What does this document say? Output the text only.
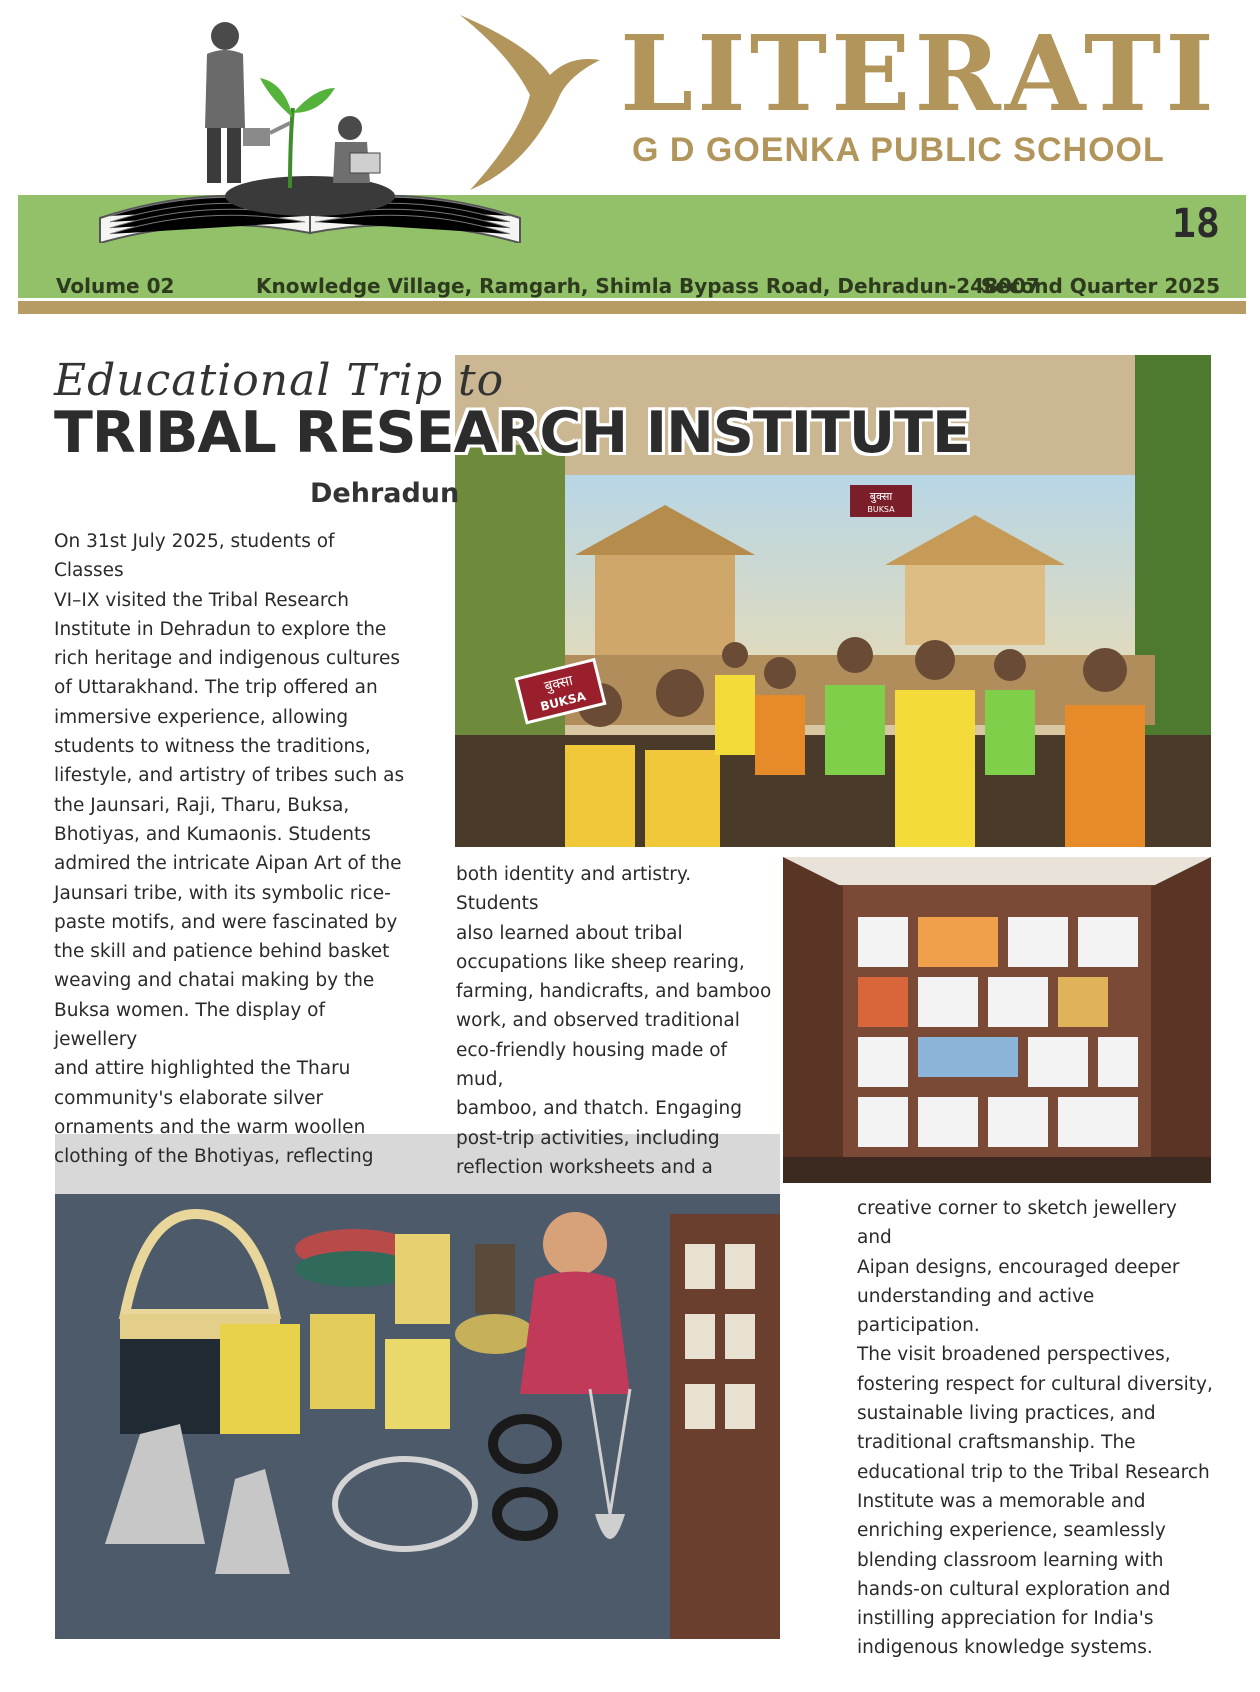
18
Volume 02	Knowledge Village, Ramgarh, Shimla Bypass Road, Dehradun-248007
Second Quarter 2025
LITERATI
G D GOENKA PUBLIC SCHOOL
Educational Trip to
TRIBAL RESEARCH INSTITUTE
Dehradun	बुक्सा
BUKSA
बुक्सा
BUKSA
On 31st July 2025, students of Classes
VI–IX visited the Tribal Research
Institute in Dehradun to explore the
rich heritage and indigenous cultures
of Uttarakhand. The trip offered an
immersive experience, allowing
students to witness the traditions,
lifestyle, and artistry of tribes such as
the Jaunsari, Raji, Tharu, Buksa,
Bhotiyas, and Kumaonis. Students
admired the intricate Aipan Art of the
Jaunsari tribe, with its symbolic rice-
paste motifs, and were fascinated by
the skill and patience behind basket
weaving and chatai making by the
Buksa women. The display of jewellery
and attire highlighted the Tharu
community's elaborate silver
ornaments and the warm woollen
clothing of the Bhotiyas, reflecting
both identity and artistry. Students
also learned about tribal
occupations like sheep rearing,
farming, handicrafts, and bamboo
work, and observed traditional
eco-friendly housing made of mud,
bamboo, and thatch. Engaging
post-trip activities, including
reflection worksheets and a
creative corner to sketch jewellery and
Aipan designs, encouraged deeper
understanding and active participation.
The visit broadened perspectives,
fostering respect for cultural diversity,
sustainable living practices, and
traditional craftsmanship. The
educational trip to the Tribal Research
Institute was a memorable and
enriching experience, seamlessly
blending classroom learning with
hands-on cultural exploration and
instilling appreciation for India's
indigenous knowledge systems.
